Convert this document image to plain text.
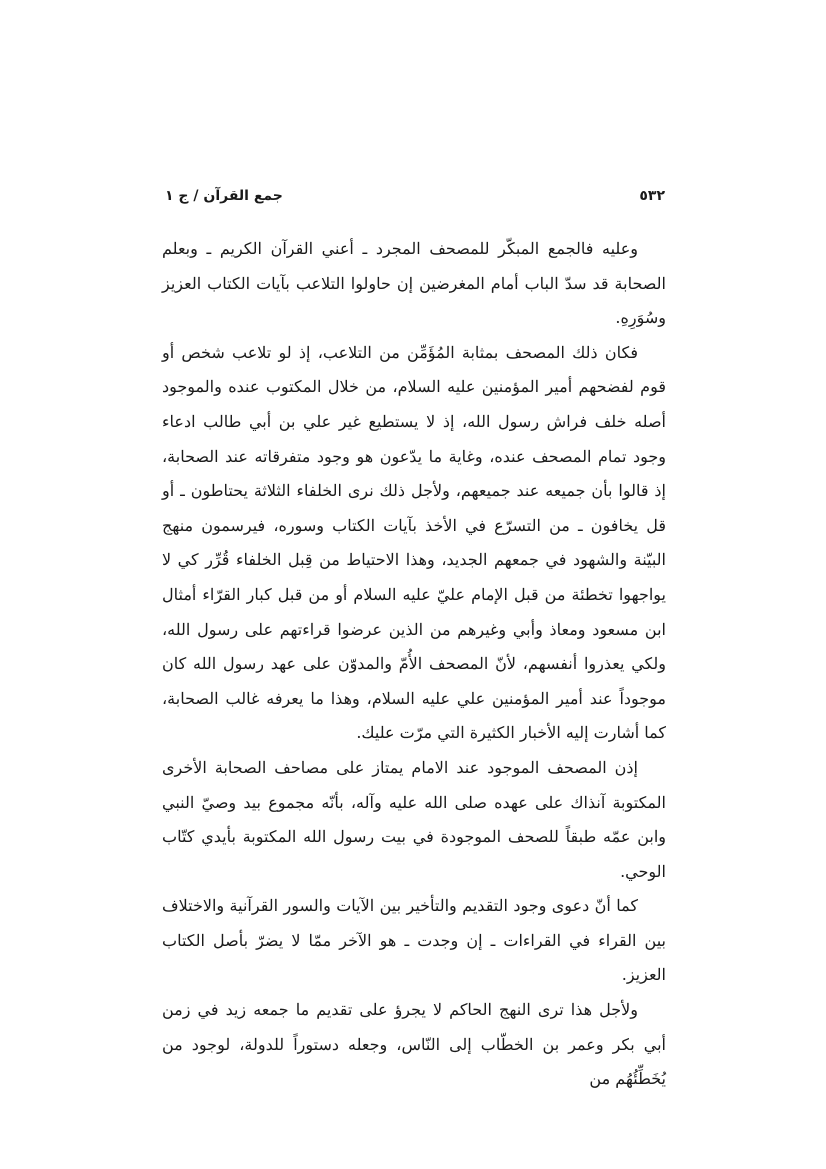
٥٣٢
جمع القرآن / ج ١

وعليه فالجمع المبكّر للمصحف المجرد ـ أعني القرآن الكريم ـ وبعلم الصحابة قد سدّ الباب أمام المغرضين إن حاولوا التلاعب بآيات الكتاب العزيز وسُوَرِهِ.

فكان ذلك المصحف بمثابة المُؤَمِّن من التلاعب، إذ لو تلاعب شخص أو قوم لفضحهم أمير المؤمنين عليه السلام، من خلال المكتوب عنده والموجود أصله خلف فراش رسول الله، إذ لا يستطيع غير علي بن أبي طالب ادعاء وجود تمام المصحف عنده، وغاية ما يدّعون هو وجود متفرقاته عند الصحابة، إذ قالوا بأن جميعه عند جميعهم، ولأجل ذلك نرى الخلفاء الثلاثة يحتاطون ـ أو قل يخافون ـ من التسرّع في الأخذ بآيات الكتاب وسوره، فيرسمون منهج البيّنة والشهود في جمعهم الجديد، وهذا الاحتياط من قِبل الخلفاء قُرِّر كي لا يواجهوا تخطئة من قبل الإمام عليّ عليه السلام أو من قبل كبار القرّاء أمثال ابن مسعود ومعاذ وأبي وغيرهم من الذين عرضوا قراءتهم على رسول الله، ولكي يعذروا أنفسهم، لأنّ المصحف الأُمّ والمدوّن على عهد رسول الله كان موجوداً عند أمير المؤمنين علي عليه السلام، وهذا ما يعرفه غالب الصحابة، كما أشارت إليه الأخبار الكثيرة التي مرّت عليك.

إذن المصحف الموجود عند الامام يمتاز على مصاحف الصحابة الأخرى المكتوبة آنذاك على عهده صلى الله عليه وآله، بأنّه مجموع بيد وصيّ النبي وابن عمّه طبقاً للصحف الموجودة في بيت رسول الله المكتوبة بأيدي كتّاب الوحي.

كما أنّ دعوى وجود التقديم والتأخير بين الآيات والسور القرآنية والاختلاف بين القراء في القراءات ـ إن وجدت ـ هو الآخر ممّا لا يضرّ بأصل الكتاب العزيز.

ولأجل هذا ترى النهج الحاكم لا يجرؤ على تقديم ما جمعه زيد في زمن أبي بكر وعمر بن الخطّاب إلى النّاس، وجعله دستوراً للدولة، لوجود من يُخَطِّئُهُم من
